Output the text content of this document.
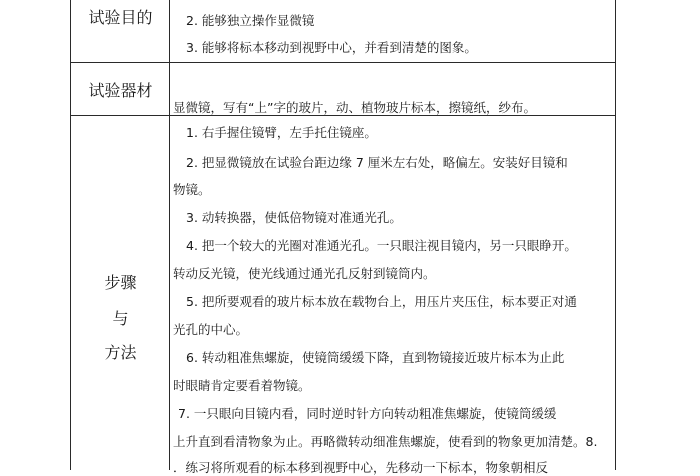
试验目的	2. 能够独立操作显微镜
3. 能够将标本移动到视野中心，并看到清楚的图象。
试验器材
显微镜，写有“上”字的玻片，动、植物玻片标本，擦镜纸，纱布。
步骤
与
方法
1. 右手握住镜臂，左手托住镜座。
2. 把显微镜放在试验台距边缘 7 厘米左右处，略偏左。安装好目镜和
物镜。
3. 动转换器，使低倍物镜对准通光孔。
4. 把一个较大的光圈对准通光孔。一只眼注视目镜内，另一只眼睁开。
转动反光镜，使光线通过通光孔反射到镜筒内。
5. 把所要观看的玻片标本放在载物台上，用压片夹压住，标本要正对通
光孔的中心。
6. 转动粗准焦螺旋，使镜筒缓缓下降，直到物镜接近玻片标本为止此
时眼睛肯定要看着物镜。
7. 一只眼向目镜内看，同时逆时针方向转动粗准焦螺旋，使镜筒缓缓
上升直到看清物象为止。再略微转动细准焦螺旋，使看到的物象更加清楚。8.
．练习将所观看的标本移到视野中心，先移动一下标本，物象朝相反
